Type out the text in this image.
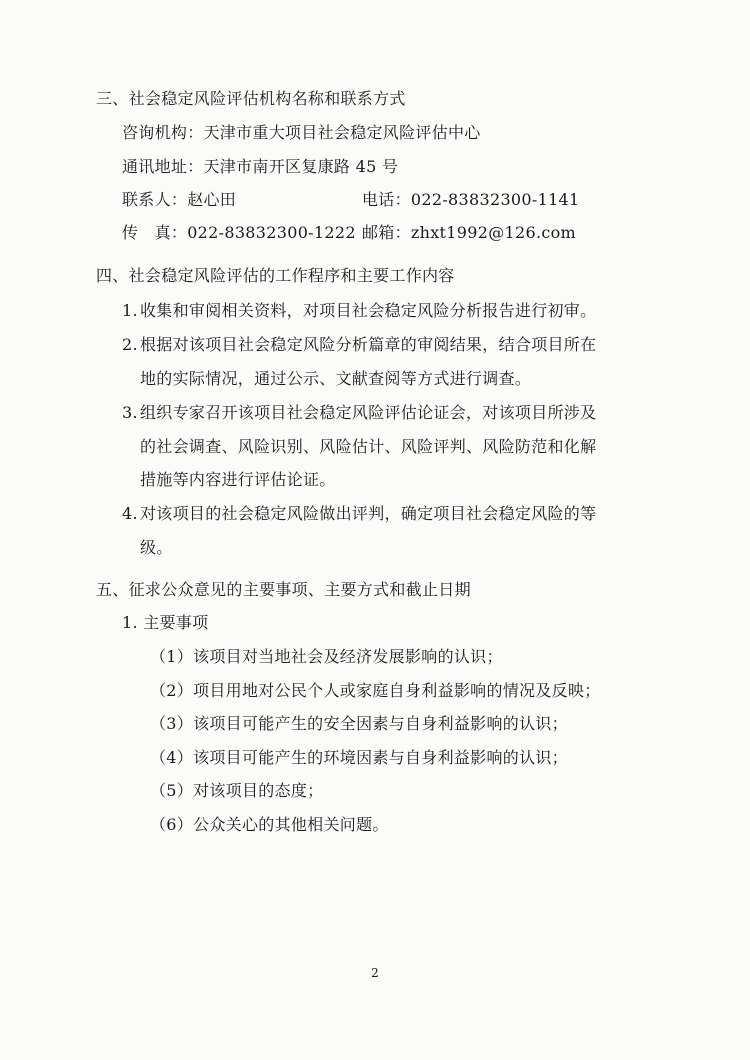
三、社会稳定风险评估机构名称和联系方式
咨询机构：天津市重大项目社会稳定风险评估中心
通讯地址：天津市南开区复康路 45 号
联系人：赵心田	电话：022-83832300-1141
传　真：022-83832300-1222 邮箱：zhxt1992@126.com
四、社会稳定风险评估的工作程序和主要工作内容
1. 收集和审阅相关资料，对项目社会稳定风险分析报告进行初审。
2. 根据对该项目社会稳定风险分析篇章的审阅结果，结合项目所在
地的实际情况，通过公示、文献查阅等方式进行调查。
3. 组织专家召开该项目社会稳定风险评估论证会，对该项目所涉及
的社会调查、风险识别、风险估计、风险评判、风险防范和化解
措施等内容进行评估论证。
4. 对该项目的社会稳定风险做出评判，确定项目社会稳定风险的等
级。
五、征求公众意见的主要事项、主要方式和截止日期
1. 主要事项
（1）该项目对当地社会及经济发展影响的认识；
（2）项目用地对公民个人或家庭自身利益影响的情况及反映；
（3）该项目可能产生的安全因素与自身利益影响的认识；
（4）该项目可能产生的环境因素与自身利益影响的认识；
（5）对该项目的态度；
（6）公众关心的其他相关问题。
2
